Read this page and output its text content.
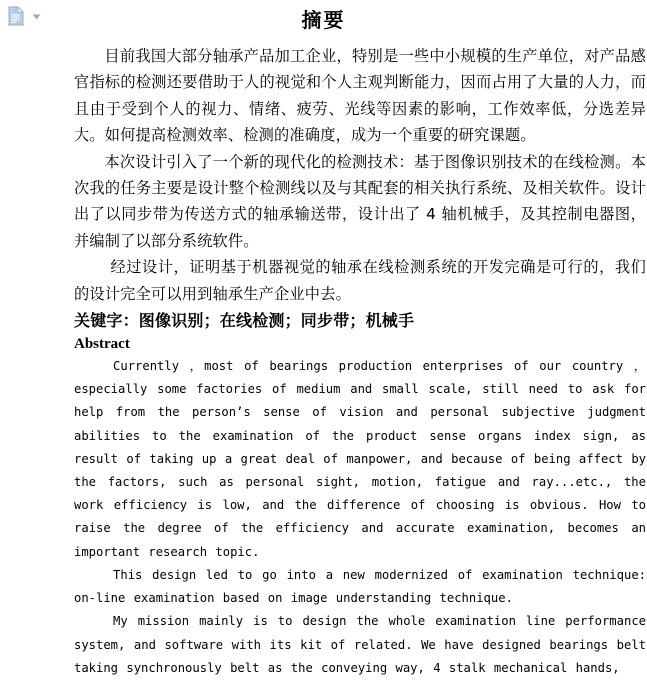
摘要

目前我国大部分轴承产品加工企业，特别是一些中小规模的生产单位，对产品感官指标的检测还要借助于人的视觉和个人主观判断能力，因而占用了大量的人力，而且由于受到个人的视力、情绪、疲劳、光线等因素的影响，工作效率低，分选差异大。如何提高检测效率、检测的准确度，成为一个重要的研究课题。

本次设计引入了一个新的现代化的检测技术：基于图像识别技术的在线检测。本次我的任务主要是设计整个检测线以及与其配套的相关执行系统、及相关软件。设计出了以同步带为传送方式的轴承输送带，设计出了 4 轴机械手，及其控制电器图，并编制了以部分系统软件。

经过设计，证明基于机器视觉的轴承在线检测系统的开发完确是可行的，我们的设计完全可以用到轴承生产企业中去。

关键字：图像识别；在线检测；同步带；机械手

Abstract

Currently ，most of bearings production enterprises of our country ，especially some factories of medium and small scale, still need to ask for help from the person’s sense of vision and personal subjective judgment abilities to the examination of the product sense organs index sign, as result of taking up a great deal of manpower, and because of being affect by the factors, such as personal sight, motion, fatigue and ray...etc., the work efficiency is low, and the difference of choosing is obvious. How to raise the degree of the efficiency and accurate examination, becomes an important research topic.

This design led to go into a new modernized of examination technique: on-line examination based on image understanding technique.

My mission mainly is to design the whole examination line performance system, and software with its kit of related. We have designed bearings belt taking synchronously belt as the conveying way, 4 stalk mechanical hands,
